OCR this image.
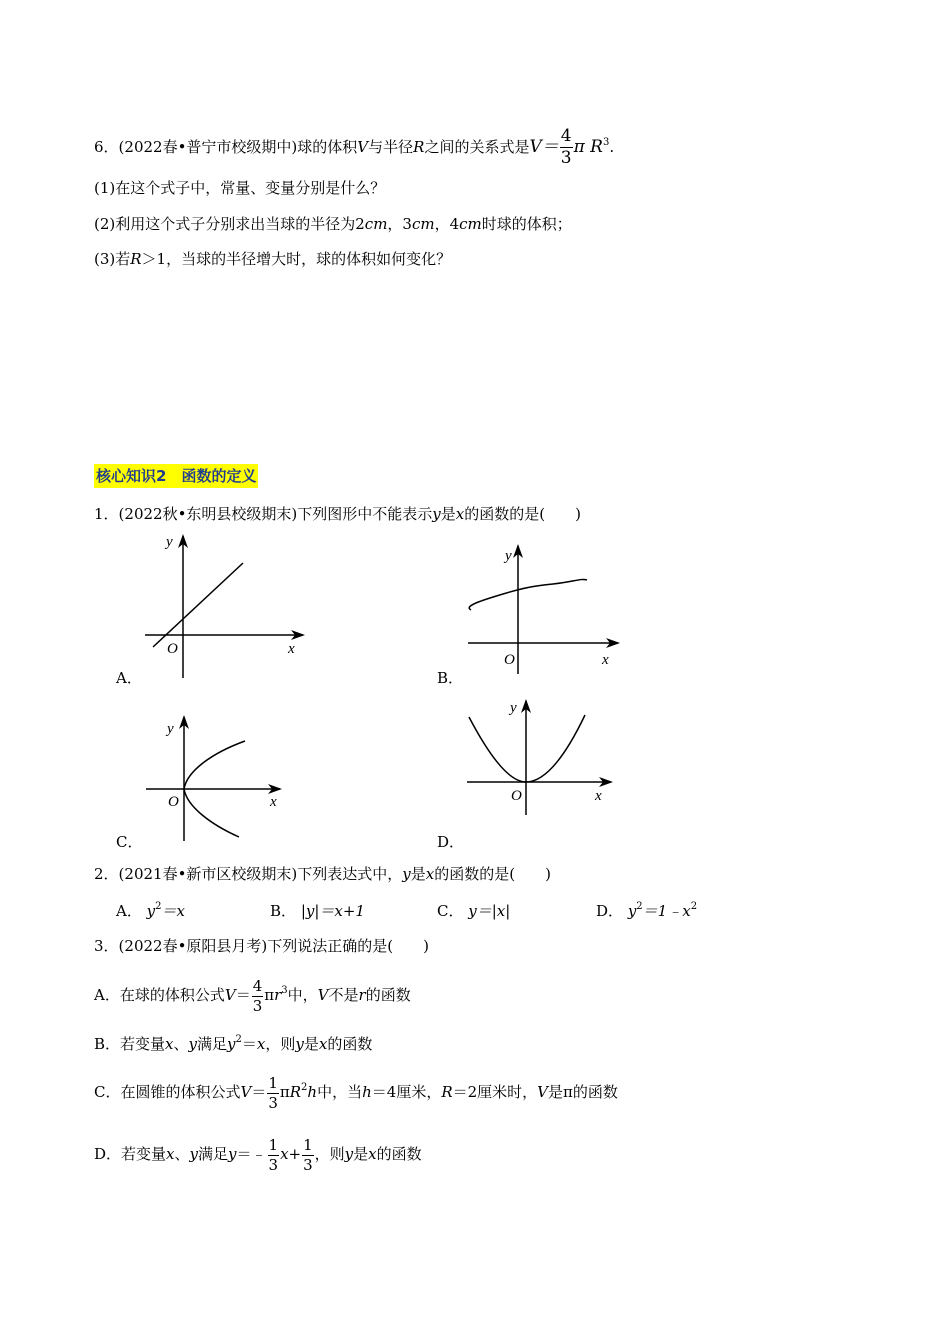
6．(2022春•普宁市校级期中)球的体积V与半径R之间的关系式是$V= \frac{4}{3}$ π $R^3$.
(1)在这个式子中，常量、变量分别是什么？
(2)利用这个式子分别求出当球的半径为2cm，3cm，4cm时球的体积；
(3)若R＞1，当球的半径增大时，球的体积如何变化？
核心知识2　函数的定义
1．(2022秋•东明县校级期末)下列图形中不能表示y是x的函数的是(　　)
y
x
O
A．
y
x
O
B．
y
x
O
C．
y
x
O
D．
2．(2021春•新市区校级期末)下列表达式中，y是x的函数的是(　　)
A． $y^2=x$	B． |y|＝x+1	C． y＝|x|	D． $y^2=1﹣x^2$
3．(2022春•原阳县月考)下列说法正确的是(　　)
A．在球的体积公式$V= \frac{4}{3} \pi r^3$中，V不是r的函数
B．若变量x、y满足$y^2=x$，则y是x的函数
C．在圆锥的体积公式$V= \frac{1}{3} \pi R^2h$中，当h＝4厘米，R＝2厘米时，V是π的函数
D．若变量x、y满足y＝﹣ $\frac{1}{3} x+ \frac{1}{3}$ ，则y是x的函数
